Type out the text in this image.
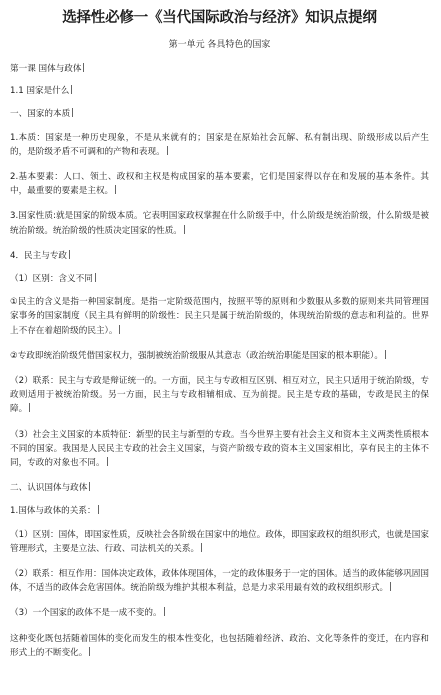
选择性必修一《当代国际政治与经济》知识点提纲
第一单元 各具特色的国家
第一课 国体与政体
1.1 国家是什么
一、国家的本质
1.本质：国家是一种历史现象，不是从来就有的；国家是在原始社会瓦解、私有制出现、阶级形成以后产生的，是阶级矛盾不可调和的产物和表现。
2.基本要素：人口、领土、政权和主权是构成国家的基本要素，它们是国家得以存在和发展的基本条件。其中，最重要的要素是主权。
3.国家性质:就是国家的阶级本质。它表明国家政权掌握在什么阶级手中，什么阶级是统治阶级，什么阶级是被统治阶级。统治阶级的性质决定国家的性质。
4．民主与专政
（1）区别：含义不同
①民主的含义是指一种国家制度。是指一定阶级范围内，按照平等的原则和少数服从多数的原则来共同管理国家事务的国家制度（民主具有鲜明的阶级性：民主只是属于统治阶级的，体现统治阶级的意志和利益的。世界上不存在着超阶级的民主）。
②专政即统治阶级凭借国家权力，强制被统治阶级服从其意志（政治统治职能是国家的根本职能）。
（2）联系：民主与专政是辩证统一的。一方面，民主与专政相互区别、相互对立，民主只适用于统治阶级，专政则适用于被统治阶级。另一方面，民主与专政相辅相成、互为前提。民主是专政的基础，专政是民主的保障。
（3）社会主义国家的本质特征：新型的民主与新型的专政。当今世界主要有社会主义和资本主义两类性质根本不同的国家。我国是人民民主专政的社会主义国家，与资产阶级专政的资本主义国家相比，享有民主的主体不同，专政的对象也不同。
二、认识国体与政体
1.国体与政体的关系：
（1）区别：国体，即国家性质，反映社会各阶级在国家中的地位。政体，即国家政权的组织形式，也就是国家管理形式，主要是立法、行政、司法机关的关系。
（2）联系：相互作用：国体决定政体，政体体现国体，一定的政体服务于一定的国体。适当的政体能够巩固国体，不适当的政体会危害国体。统治阶级为维护其根本利益，总是力求采用最有效的政权组织形式。
（3）一个国家的政体不是一成不变的。
这种变化既包括随着国体的变化而发生的根本性变化，也包括随着经济、政治、文化等条件的变迁，在内容和形式上的不断变化。
